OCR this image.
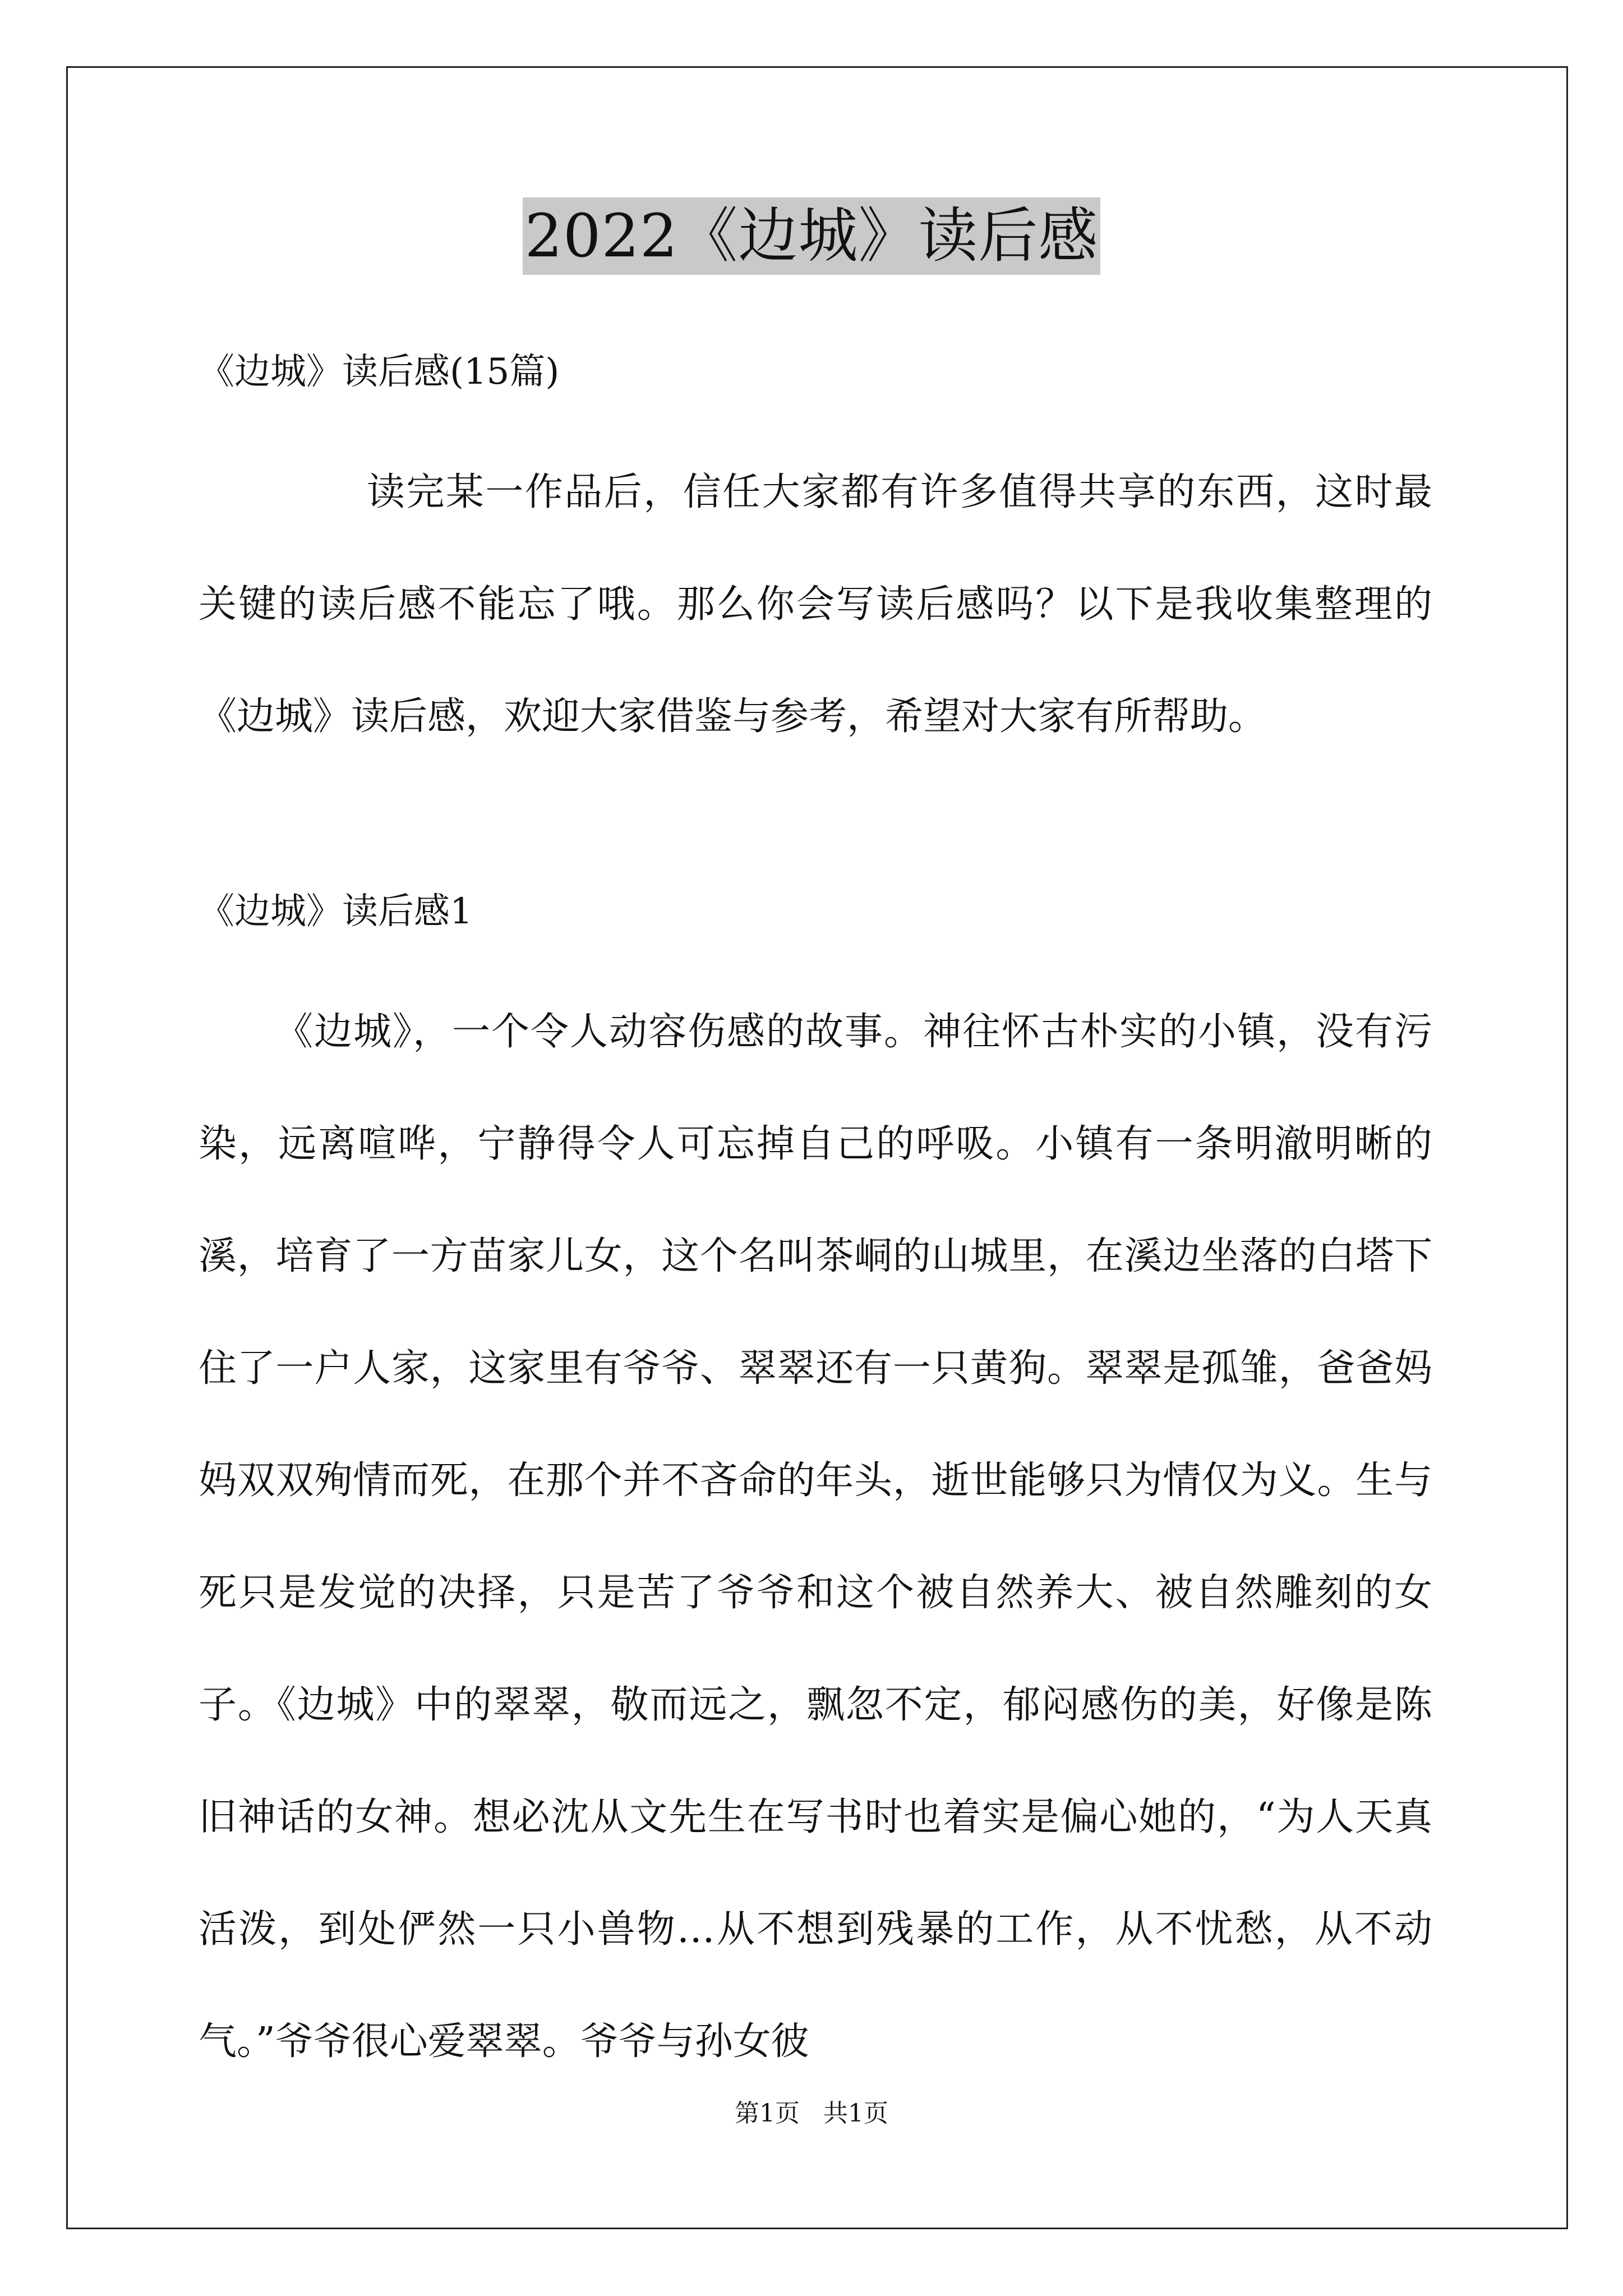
2022《边城》读后感
《边城》读后感(15篇)

读完某一作品后，信任大家都有许多值得共享的东西，这时最关键的读后感不能忘了哦。那么你会写读后感吗？以下是我收集整理的《边城》读后感，欢迎大家借鉴与参考，希望对大家有所帮助。

《边城》读后感1

《边城》，一个令人动容伤感的故事。神往怀古朴实的小镇，没有污染，远离喧哗，宁静得令人可忘掉自己的呼吸。小镇有一条明澈明晰的溪，培育了一方苗家儿女，这个名叫茶峒的山城里，在溪边坐落的白塔下住了一户人家，这家里有爷爷、翠翠还有一只黄狗。翠翠是孤雏，爸爸妈妈双双殉情而死，在那个并不吝命的年头，逝世能够只为情仅为义。生与死只是发觉的决择，只是苦了爷爷和这个被自然养大、被自然雕刻的女子。《边城》中的翠翠，敬而远之，飘忽不定，郁闷感伤的美，好像是陈旧神话的女神。想必沈从文先生在写书时也着实是偏心她的，“为人天真活泼，到处俨然一只小兽物…从不想到残暴的工作，从不忧愁，从不动气。”爷爷很心爱翠翠。爷爷与孙女彼

第1页   共1页
